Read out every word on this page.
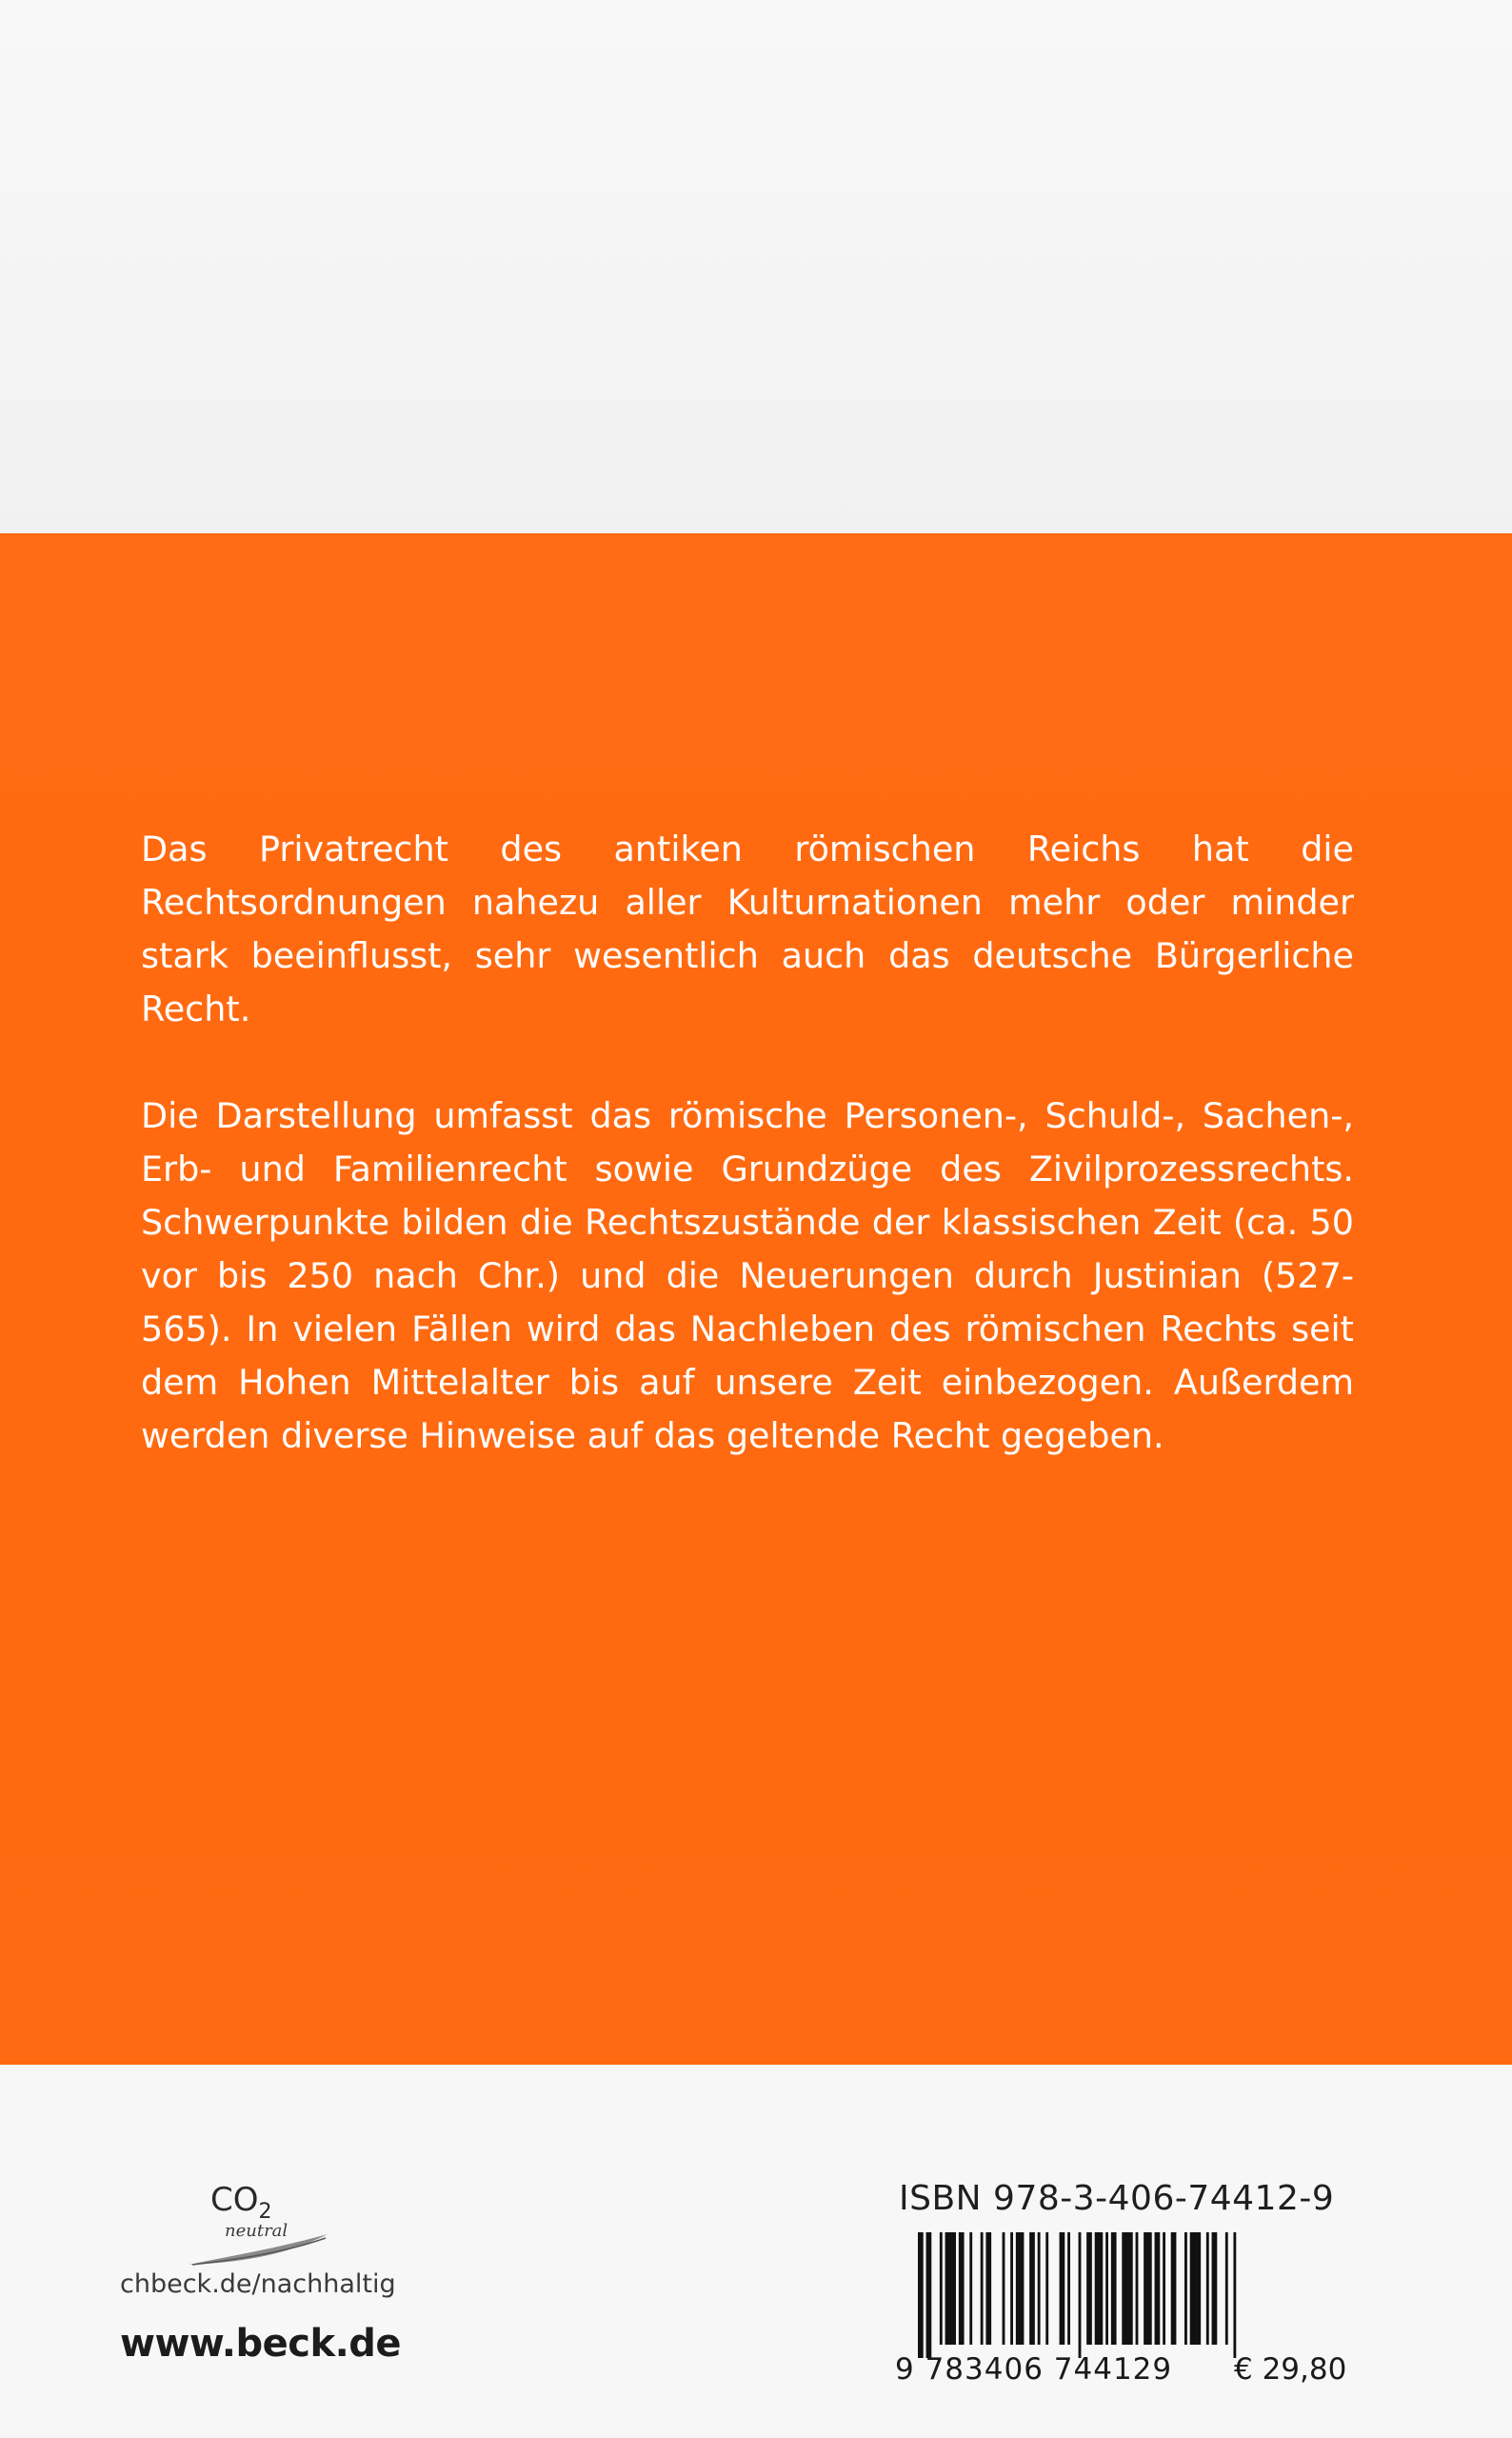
Das Privatrecht des antiken römischen Reichs hat die Rechtsordnungen nahezu aller Kulturnationen mehr oder minder stark beeinflusst, sehr wesentlich auch das deutsche Bürgerliche Recht.

Die Darstellung umfasst das römische Personen-, Schuld-, Sachen-, Erb- und Familienrecht sowie Grundzüge des Zivilprozessrechts. Schwerpunkte bilden die Rechtszustände der klassischen Zeit (ca. 50 vor bis 250 nach Chr.) und die Neuerungen durch Justinian (527-565). In vielen Fällen wird das Nachleben des römischen Rechts seit dem Hohen Mittelalter bis auf unsere Zeit einbezogen. Außerdem werden diverse Hinweise auf das geltende Recht gegeben.

$CO_2$
neutral
chbeck.de/nachhaltig
www.beck.de
ISBN 978-3-406-74412-9
9 783406 744129 € 29,80
